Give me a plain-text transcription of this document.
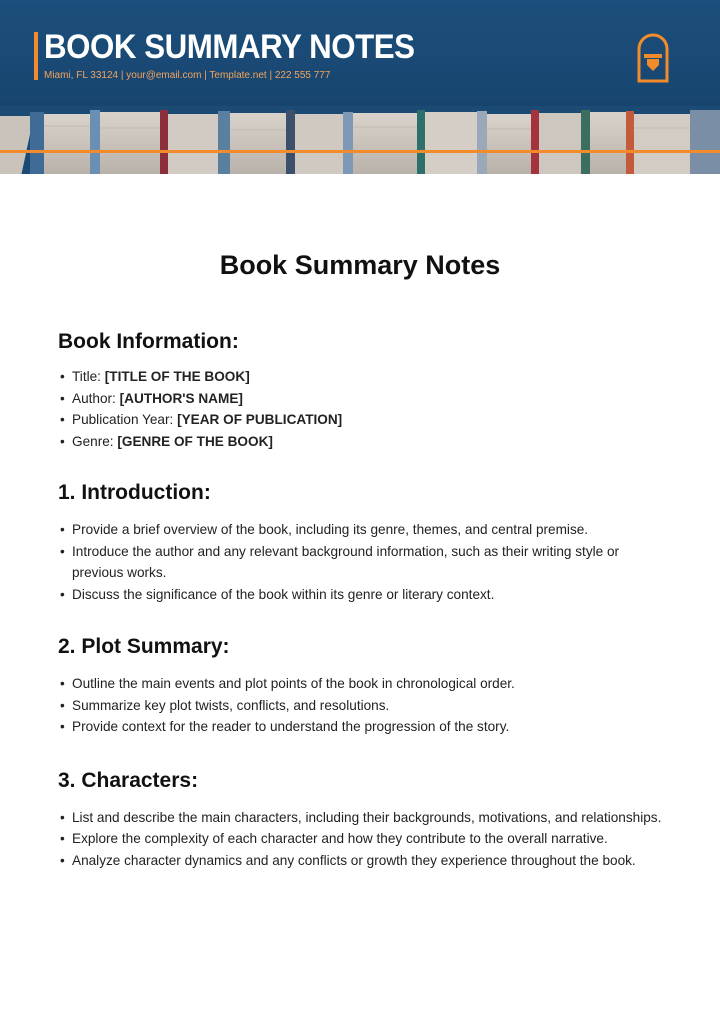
BOOK SUMMARY NOTES
Miami, FL 33124 | your@email.com | Template.net | 222 555 777
Book Summary Notes
Book Information:
• Title: [TITLE OF THE BOOK]
• Author: [AUTHOR'S NAME]
• Publication Year: [YEAR OF PUBLICATION]
• Genre: [GENRE OF THE BOOK]
1. Introduction:
• Provide a brief overview of the book, including its genre, themes, and central premise.
• Introduce the author and any relevant background information, such as their writing style or previous works.
• Discuss the significance of the book within its genre or literary context.
2. Plot Summary:
• Outline the main events and plot points of the book in chronological order.
• Summarize key plot twists, conflicts, and resolutions.
• Provide context for the reader to understand the progression of the story.
3. Characters:
• List and describe the main characters, including their backgrounds, motivations, and relationships.
• Explore the complexity of each character and how they contribute to the overall narrative.
• Analyze character dynamics and any conflicts or growth they experience throughout the book.
